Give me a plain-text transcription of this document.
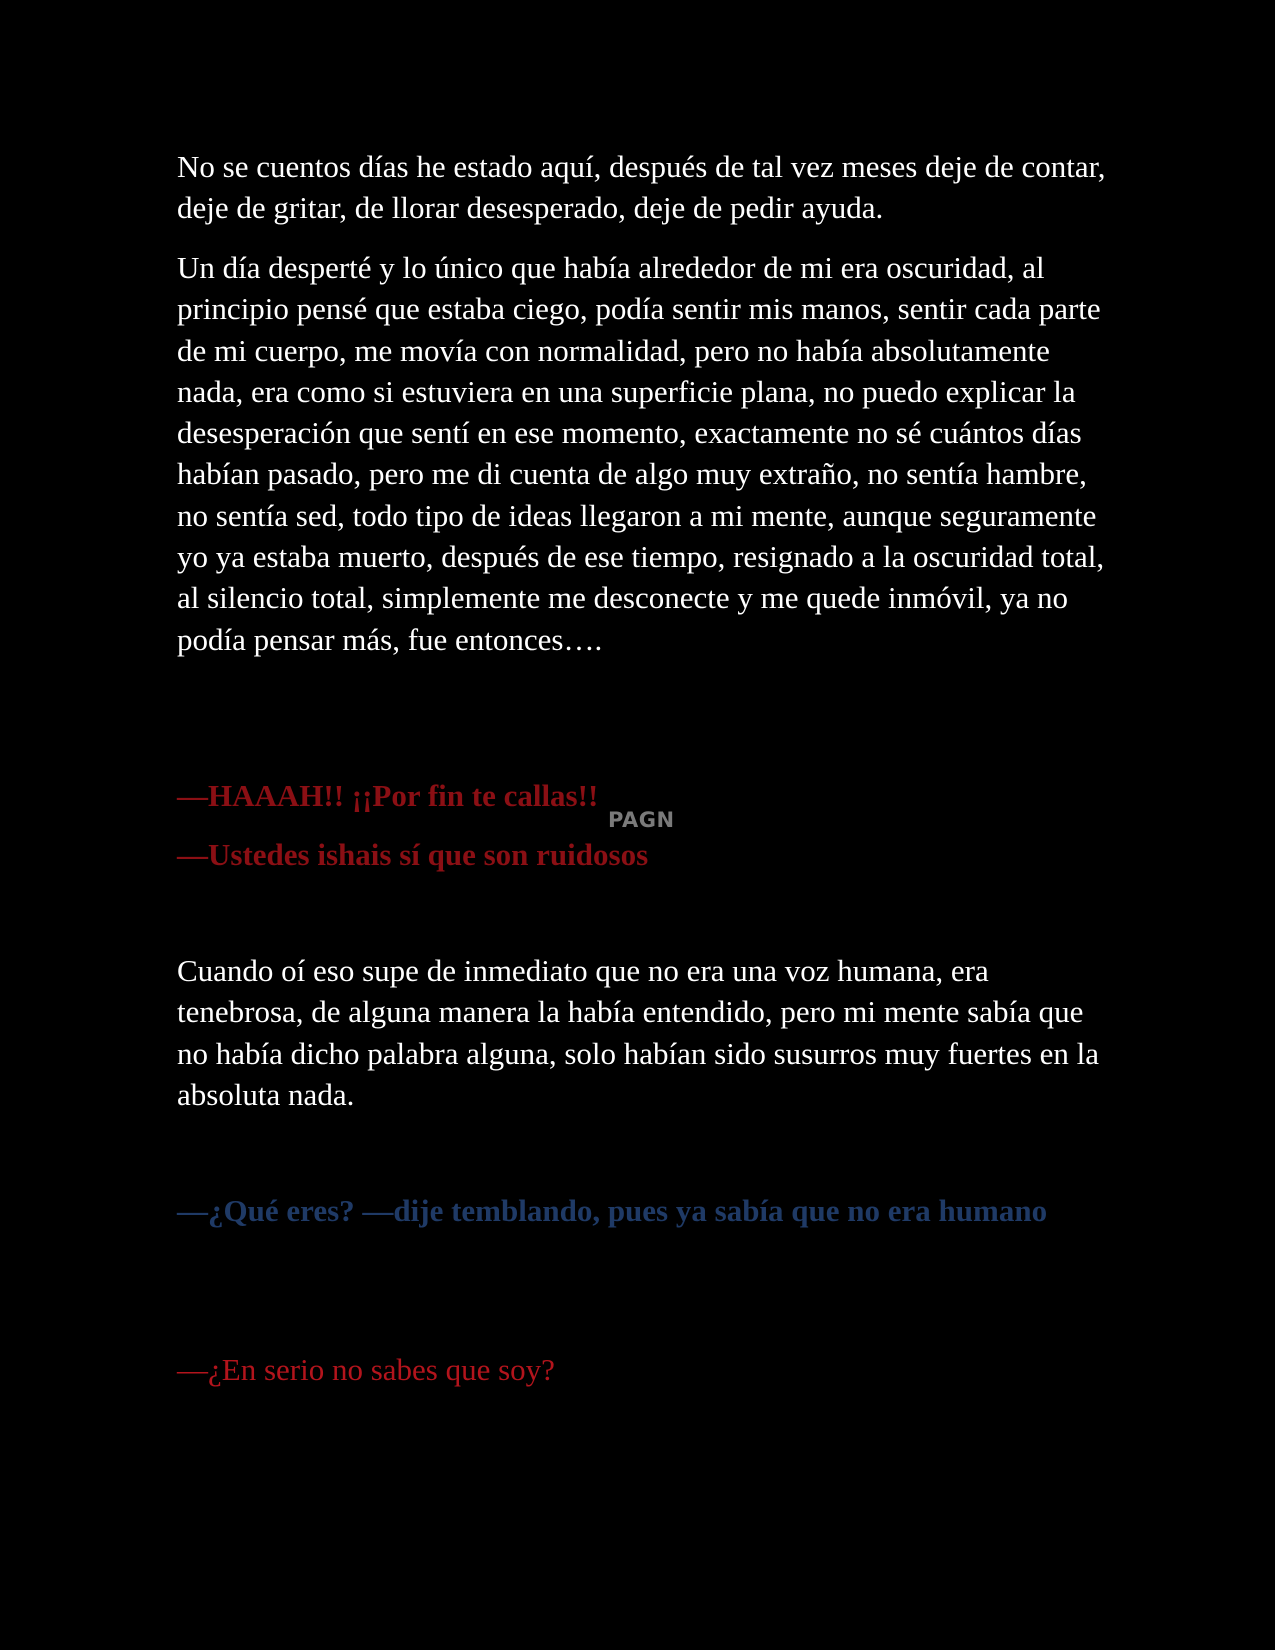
No se cuentos días he estado aquí, después de tal vez meses deje de contar, deje de gritar, de llorar desesperado, deje de pedir ayuda.

Un día desperté y lo único que había alrededor de mi era oscuridad, al principio pensé que estaba ciego, podía sentir mis manos, sentir cada parte de mi cuerpo, me movía con normalidad, pero no había absolutamente nada, era como si estuviera en una superficie plana, no puedo explicar la desesperación que sentí en ese momento, exactamente no sé cuántos días habían pasado, pero me di cuenta de algo muy extraño, no sentía hambre, no sentía sed, todo tipo de ideas llegaron a mi mente, aunque seguramente yo ya estaba muerto, después de ese tiempo, resignado a la oscuridad total, al silencio total, simplemente me desconecte y me quede inmóvil, ya no podía pensar más, fue entonces….

—HAAAH!! ¡¡Por fin te callas!!

PAGN

—Ustedes ishais sí que son ruidosos

Cuando oí eso supe de inmediato que no era una voz humana, era tenebrosa, de alguna manera la había entendido, pero mi mente sabía que no había dicho palabra alguna, solo habían sido susurros muy fuertes en la absoluta nada.

—¿Qué eres? —dije temblando, pues ya sabía que no era humano

—¿En serio no sabes que soy?
